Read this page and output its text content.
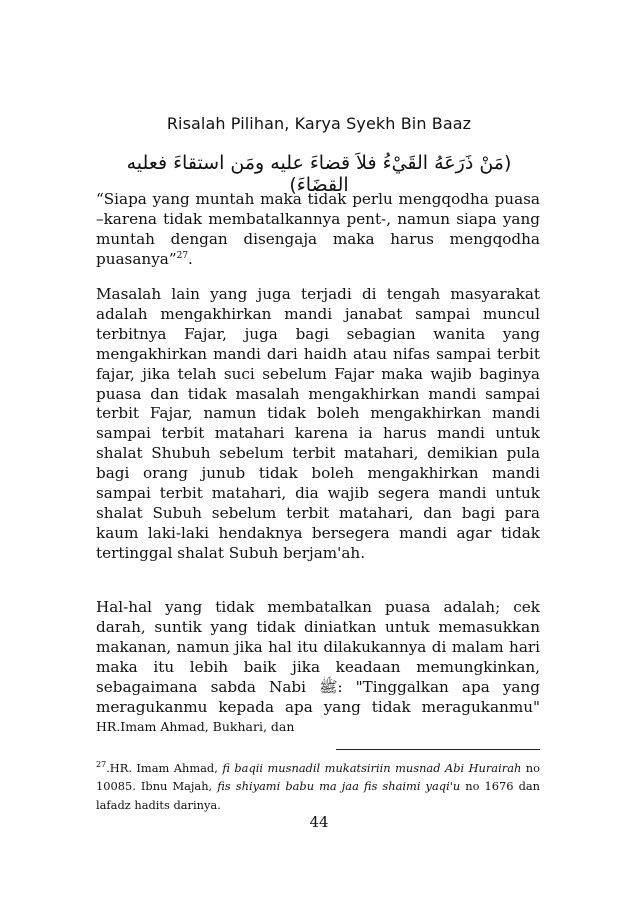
Risalah Pilihan, Karya Syekh Bin Baaz
(مَنْ ذَرَعَهُ القَيْءُ فلاَ قضاءَ عليه ومَن استقاءَ فعليه القضَاءَ)
“Siapa yang muntah maka tidak perlu mengqodha puasa –karena tidak membatalkannya pent-, namun siapa yang muntah dengan disengaja maka harus mengqodha puasanya”$^{27}$.
Masalah lain yang juga terjadi di tengah masyarakat adalah mengakhirkan mandi janabat sampai muncul terbitnya Fajar, juga bagi sebagian wanita yang mengakhirkan mandi dari haidh atau nifas sampai terbit fajar, jika telah suci sebelum Fajar maka wajib baginya puasa dan tidak masalah mengakhirkan mandi sampai terbit Fajar, namun tidak boleh mengakhirkan mandi sampai terbit matahari karena ia harus mandi untuk shalat Shubuh sebelum terbit matahari, demikian pula bagi orang junub tidak boleh mengakhirkan mandi sampai terbit matahari, dia wajib segera mandi untuk shalat Subuh sebelum terbit matahari, dan bagi para kaum laki-laki hendaknya bersegera mandi agar tidak tertinggal shalat Subuh berjam'ah.
Hal-hal yang tidak membatalkan puasa adalah; cek darah, suntik yang tidak diniatkan untuk memasukkan makanan, namun jika hal itu dilakukannya di malam hari maka itu lebih baik jika keadaan memungkinkan, sebagaimana sabda Nabi ﷺ: "Tinggalkan apa yang meragukanmu kepada apa yang tidak meragukanmu" HR.Imam Ahmad, Bukhari, dan
$^{27}$.HR. Imam Ahmad, fi baqii musnadil mukatsiriin musnad Abi Hurairah no 10085. Ibnu Majah, fis shiyami babu ma jaa fis shaimi yaqi'u no 1676 dan lafadz hadits darinya.
44
